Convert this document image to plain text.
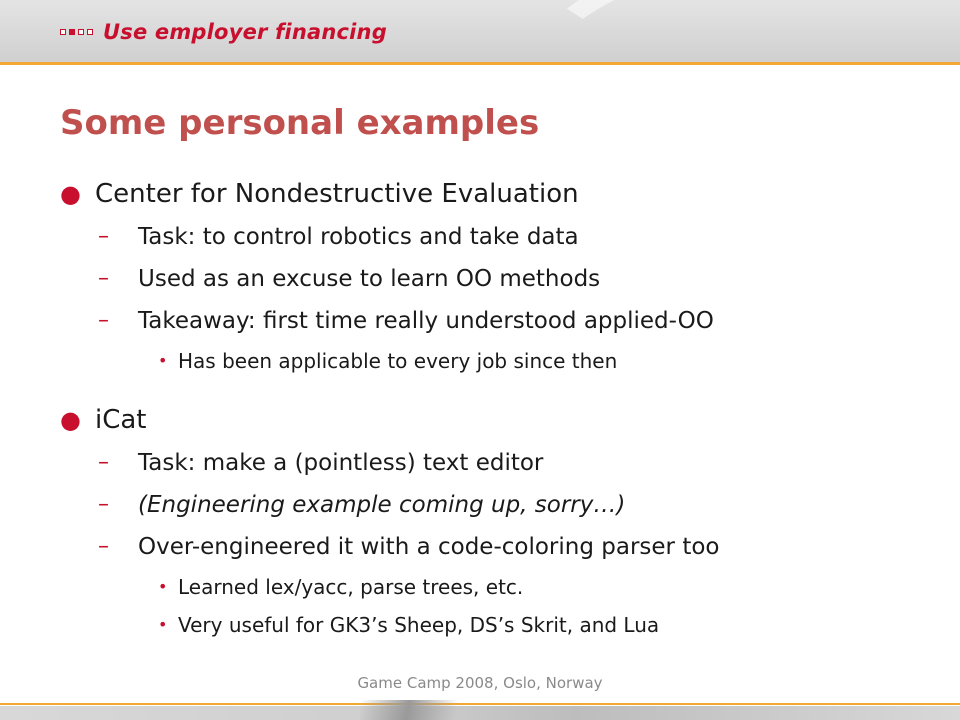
Use employer financing
Some personal examples
● Center for Nondestructive Evaluation
– Task: to control robotics and take data
– Used as an excuse to learn OO methods
– Takeaway: first time really understood applied-OO
• Has been applicable to every job since then
● iCat
– Task: make a (pointless) text editor
– (Engineering example coming up, sorry…)
– Over-engineered it with a code-coloring parser too
• Learned lex/yacc, parse trees, etc.
• Very useful for GK3’s Sheep, DS’s Skrit, and Lua
Game Camp 2008, Oslo, Norway
